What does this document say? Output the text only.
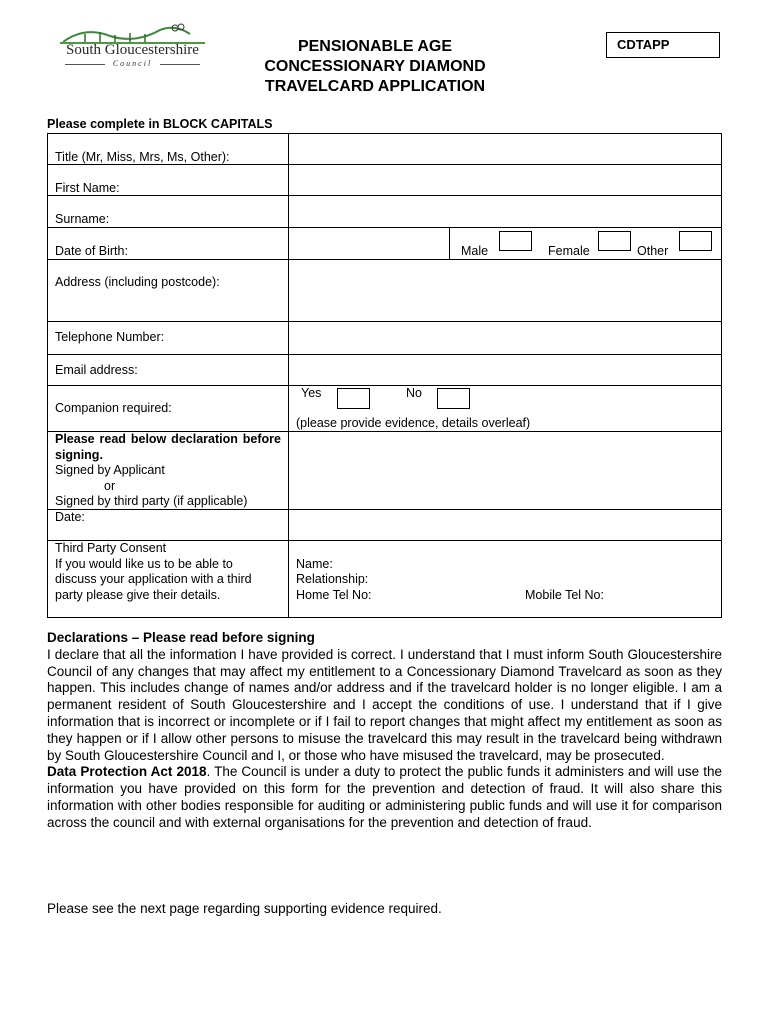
South Gloucestershire
Council
PENSIONABLE AGE
CONCESSIONARY DIAMOND
TRAVELCARD APPLICATION
CDTAPP
Please complete in BLOCK CAPITALS
Title (Mr, Miss, Mrs, Ms, Other):
First Name:
Surname:
Date of Birth:	Male	Female	Other
Address (including postcode):
Telephone Number:
Email address:
Companion required:
Yes	No
(please provide evidence, details overleaf)
Please read below declaration before signing.
Signed by Applicant
or
Signed by third party (if applicable)
Date:
Third Party Consent
If you would like us to be able to
discuss your application with a third
party please give their details.
Name:
Relationship:
Home Tel No:	Mobile Tel No:

Declarations – Please read before signing

I declare that all the information I have provided is correct. I understand that I must inform South Gloucestershire Council of any changes that may affect my entitlement to a Concessionary Diamond Travelcard as soon as they happen. This includes change of names and/or address and if the travelcard holder is no longer eligible. I am a permanent resident of South Gloucestershire and I accept the conditions of use. I understand that if I give information that is incorrect or incomplete or if I fail to report changes that might affect my entitlement as soon as they happen or if I allow other persons to misuse the travelcard this may result in the travelcard being withdrawn by South Gloucestershire Council and I, or those who have misused the travelcard, may be prosecuted.

Data Protection Act 2018. The Council is under a duty to protect the public funds it administers and will use the information you have provided on this form for the prevention and detection of fraud. It will also share this information with other bodies responsible for auditing or administering public funds and will use it for comparison across the council and with external organisations for the prevention and detection of fraud.

Please see the next page regarding supporting evidence required.
